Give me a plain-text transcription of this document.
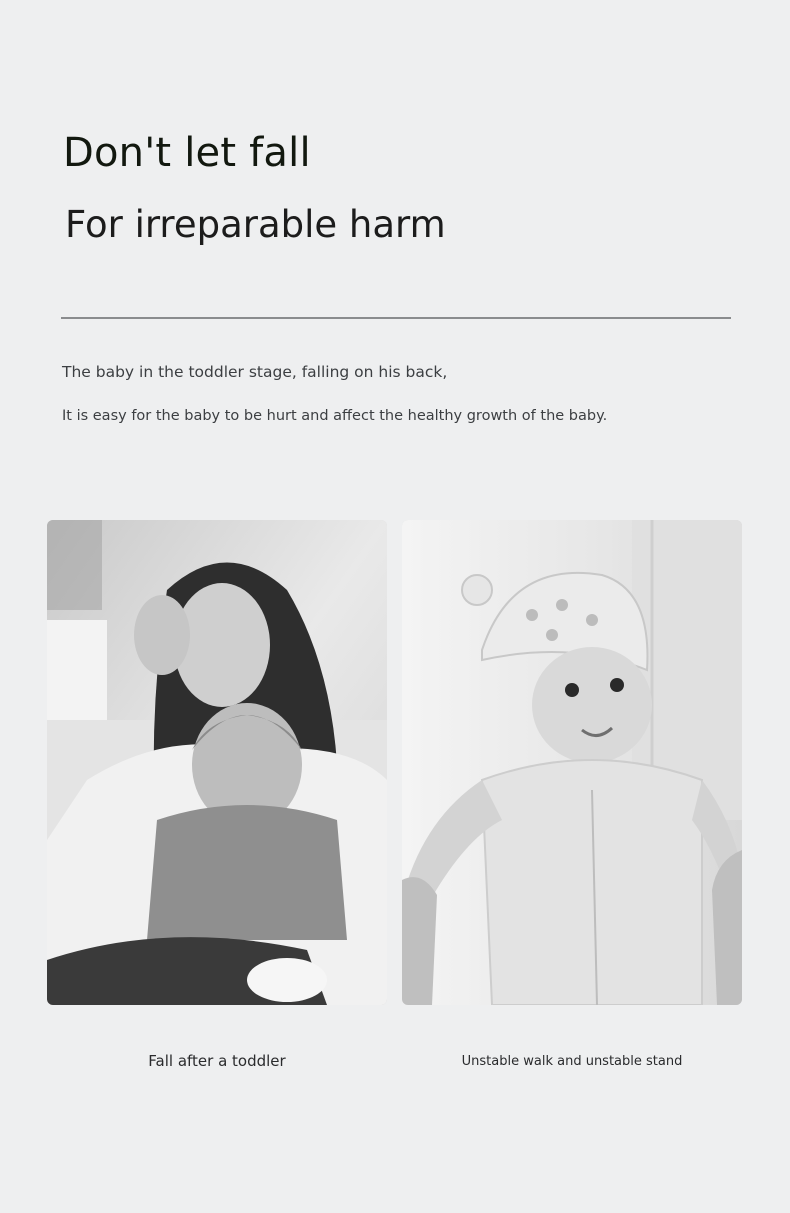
Don't let fall
For irreparable harm

The baby in the toddler stage, falling on his back,

It is easy for the baby to be hurt and affect the healthy growth of the baby.

Fall after a toddler	Unstable walk and unstable stand
